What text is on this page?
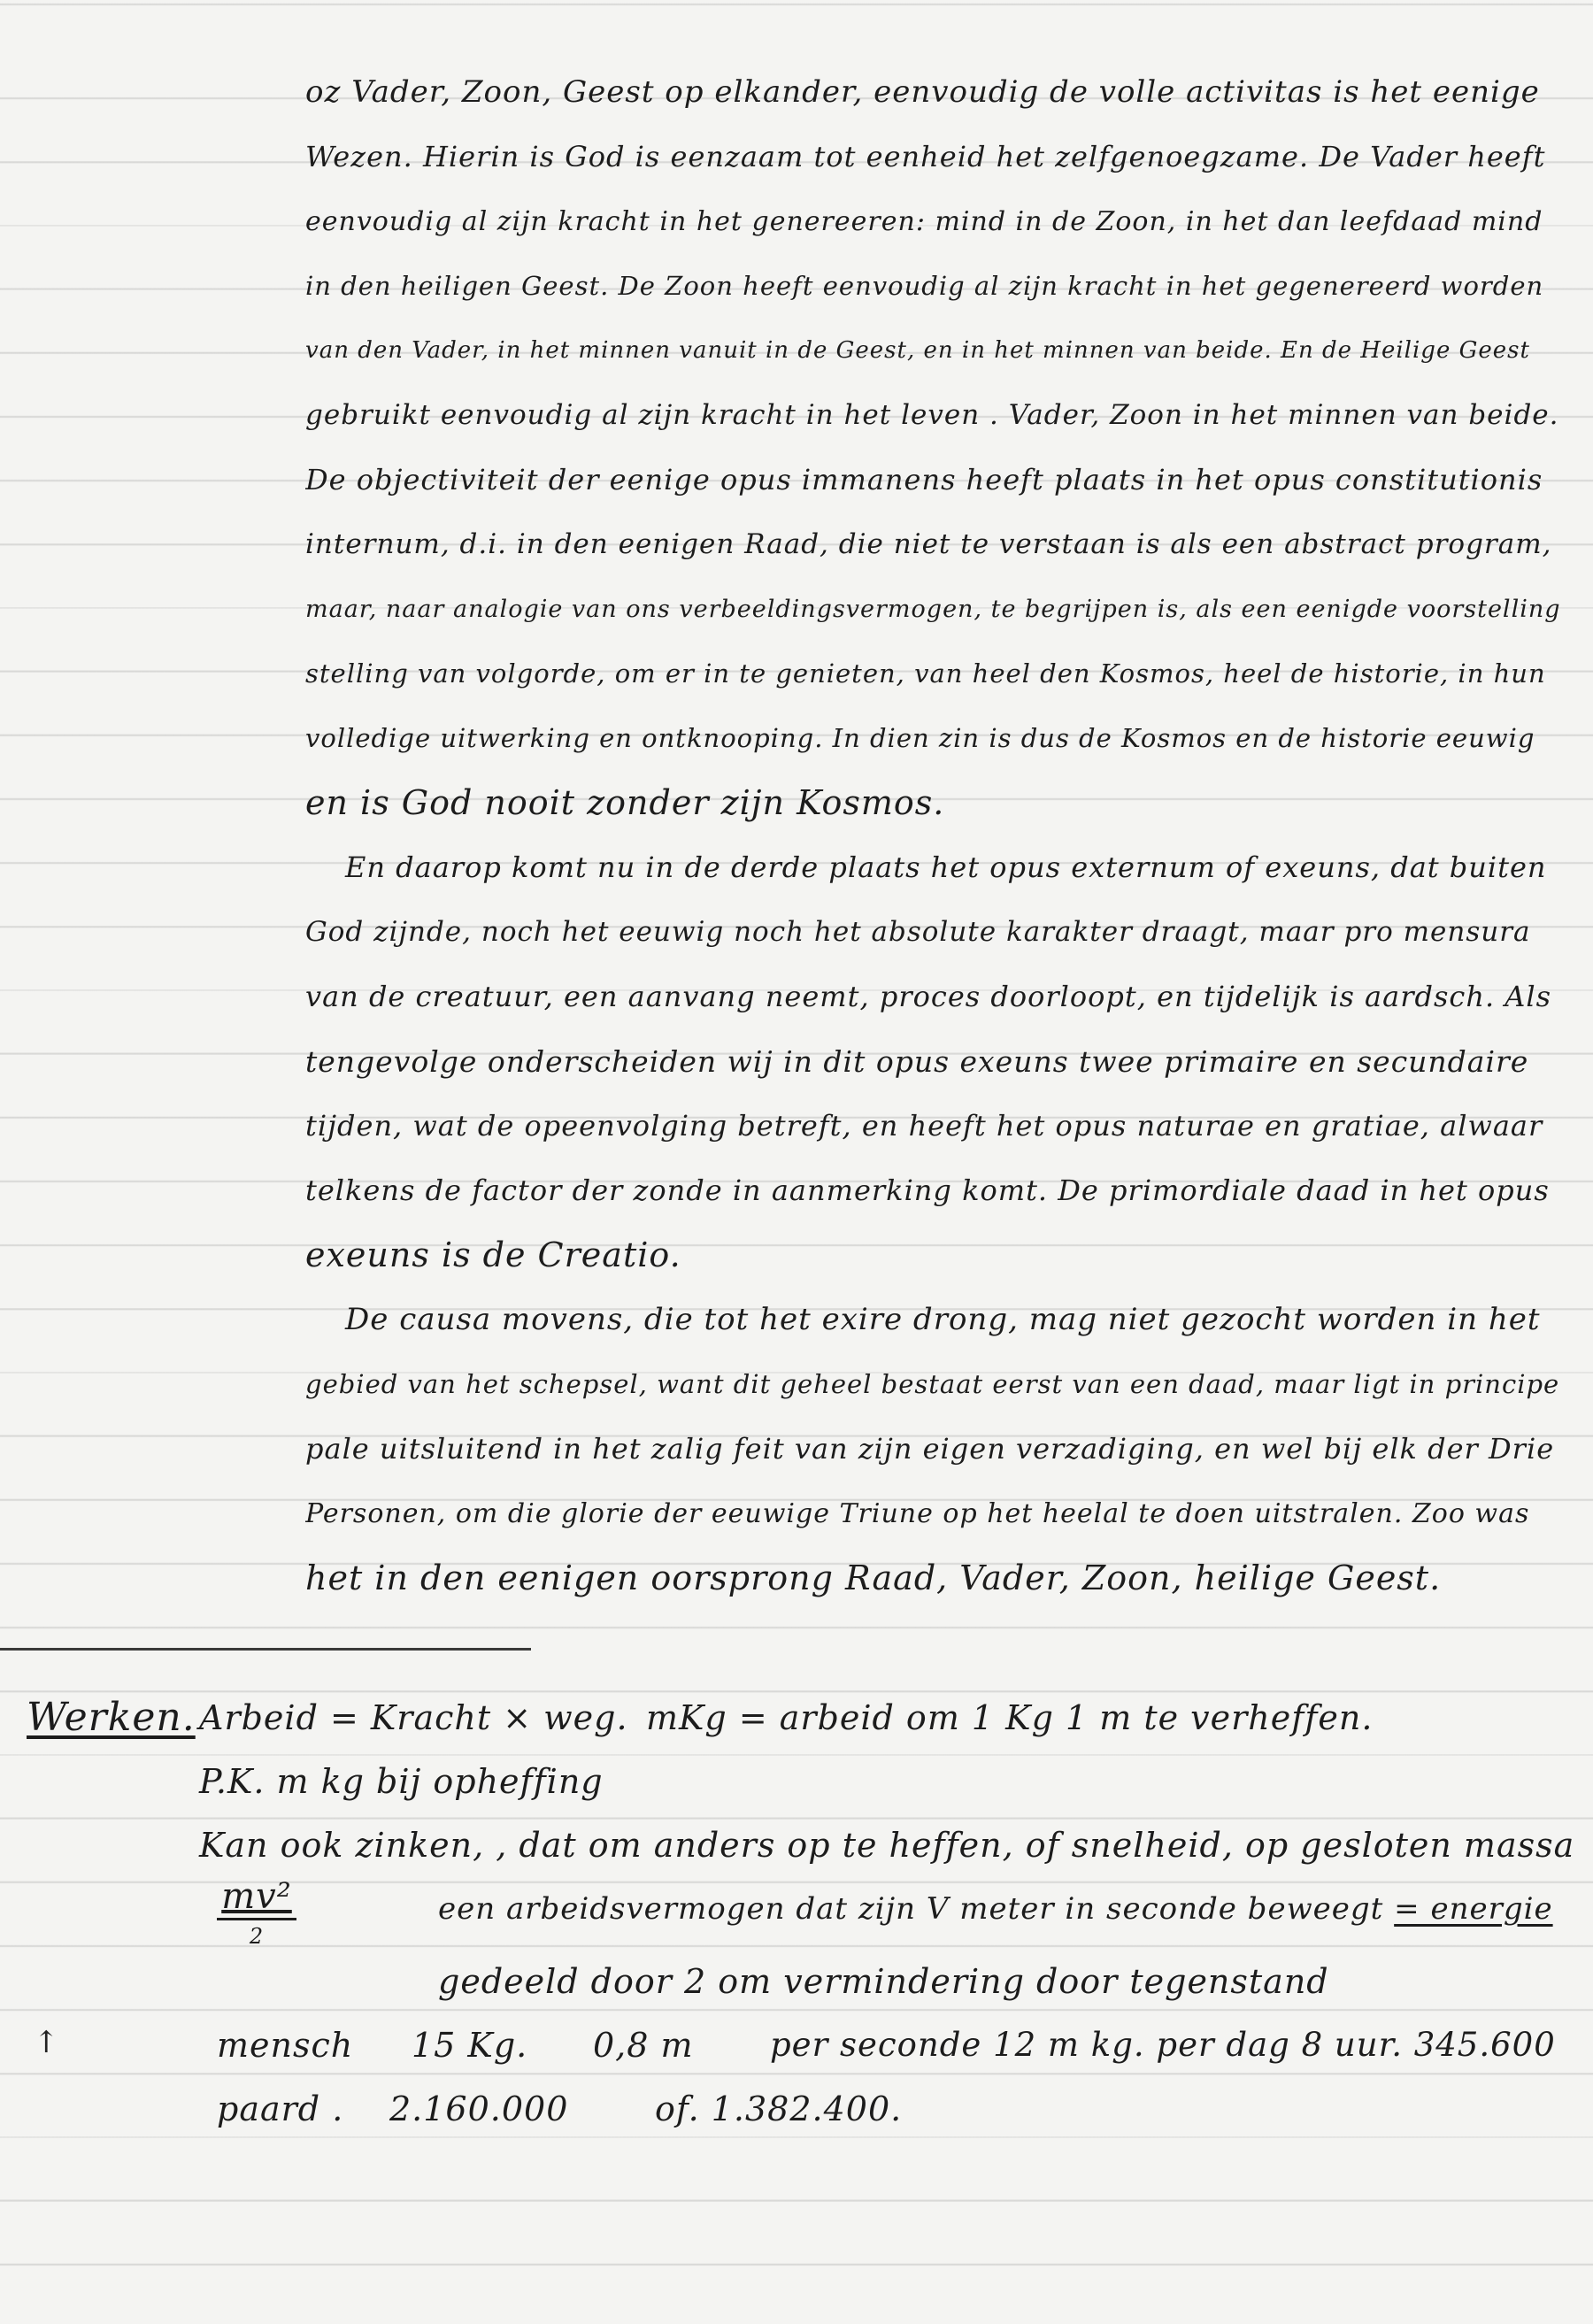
oz Vader, Zoon, Geest op elkander, eenvoudig de volle activitas is het eenige
Wezen. Hierin is God is eenzaam tot eenheid het zelfgenoegzame. De Vader heeft
eenvoudig al zijn kracht in het genereeren: mind in de Zoon, in het dan leefdaad mind
in den heiligen Geest. De Zoon heeft eenvoudig al zijn kracht in het gegenereerd worden
van den Vader, in het minnen vanuit in de Geest, en in het minnen van beide. En de Heilige Geest
gebruikt eenvoudig al zijn kracht in het leven . Vader, Zoon in het minnen van beide.
De objectiviteit der eenige opus immanens heeft plaats in het opus constitutionis
internum, d.i. in den eenigen Raad, die niet te verstaan is als een abstract program,
maar, naar analogie van ons verbeeldingsvermogen, te begrijpen is, als een eenigde voorstelling
stelling van volgorde, om er in te genieten, van heel den Kosmos, heel de historie, in hun
volledige uitwerking en ontknooping. In dien zin is dus de Kosmos en de historie eeuwig
en is God nooit zonder zijn Kosmos.
En daarop komt nu in de derde plaats het opus externum of exeuns, dat buiten
God zijnde, noch het eeuwig noch het absolute karakter draagt, maar pro mensura
van de creatuur, een aanvang neemt, proces doorloopt, en tijdelijk is aardsch. Als
tengevolge onderscheiden wij in dit opus exeuns twee primaire en secundaire
tijden, wat de opeenvolging betreft, en heeft het opus naturae en gratiae, alwaar
telkens de factor der zonde in aanmerking komt. De primordiale daad in het opus
exeuns is de Creatio.
De causa movens, die tot het exire drong, mag niet gezocht worden in het
gebied van het schepsel, want dit geheel bestaat eerst van een daad, maar ligt in principe
pale uitsluitend in het zalig feit van zijn eigen verzadiging, en wel bij elk der Drie
Personen, om die glorie der eeuwige Triune op het heelal te doen uitstralen. Zoo was
het in den eenigen oorsprong Raad, Vader, Zoon, heilige Geest.
Werken. Arbeid = Kracht × weg. mKg = arbeid om 1 Kg 1 m te verheffen.
P.K. m kg bij opheffing
Kan ook zinken, , dat om anders op te heffen, of snelheid, op gesloten massa
mv²
2
een arbeidsvermogen dat zijn V meter in seconde beweegt = energie
gedeeld door 2 om vermindering door tegenstand
mensch 15 Kg. 0,8 m per seconde 12 m kg. per dag 8 uur. 345.600
paard . 2.160.000	of. 1.382.400.
↑
